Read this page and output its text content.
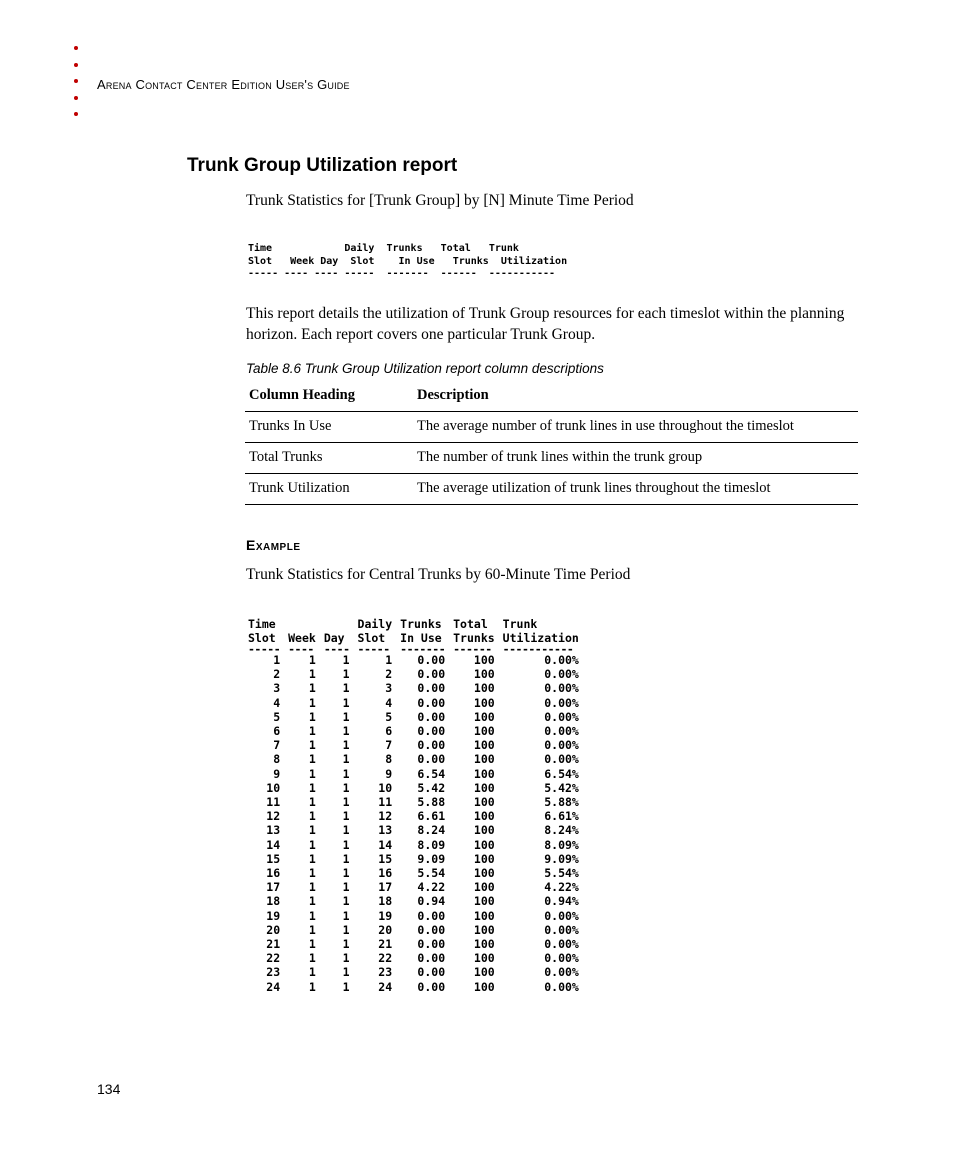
Arena Contact Center Edition User's Guide
Trunk Group Utilization report
Trunk Statistics for [Trunk Group] by [N] Minute Time Period
Time            Daily  Trunks   Total   Trunk
Slot   Week Day  Slot    In Use   Trunks  Utilization
----- ---- ---- -----  -------  ------  -----------
This report details the utilization of Trunk Group resources for each timeslot within the planning horizon. Each report covers one particular Trunk Group.
Table 8.6 Trunk Group Utilization report column descriptions
Column Heading	Description
Trunks In Use	The average number of trunk lines in use throughout the timeslot
Total Trunks	The number of trunk lines within the trunk group
Trunk Utilization	The average utilization of trunk lines throughout the timeslot
Example
Trunk Statistics for Central Trunks by 60-Minute Time Period
Time			Daily	Trunks	Total	Trunk
Slot	Week	Day	Slot	In Use	Trunks	Utilization
-----	----	----	-----	-------	------	-----------
1	1	1	1	0.00	100	0.00%
2	1	1	2	0.00	100	0.00%
3	1	1	3	0.00	100	0.00%
4	1	1	4	0.00	100	0.00%
5	1	1	5	0.00	100	0.00%
6	1	1	6	0.00	100	0.00%
7	1	1	7	0.00	100	0.00%
8	1	1	8	0.00	100	0.00%
9	1	1	9	6.54	100	6.54%
10	1	1	10	5.42	100	5.42%
11	1	1	11	5.88	100	5.88%
12	1	1	12	6.61	100	6.61%
13	1	1	13	8.24	100	8.24%
14	1	1	14	8.09	100	8.09%
15	1	1	15	9.09	100	9.09%
16	1	1	16	5.54	100	5.54%
17	1	1	17	4.22	100	4.22%
18	1	1	18	0.94	100	0.94%
19	1	1	19	0.00	100	0.00%
20	1	1	20	0.00	100	0.00%
21	1	1	21	0.00	100	0.00%
22	1	1	22	0.00	100	0.00%
23	1	1	23	0.00	100	0.00%
24	1	1	24	0.00	100	0.00%
134
